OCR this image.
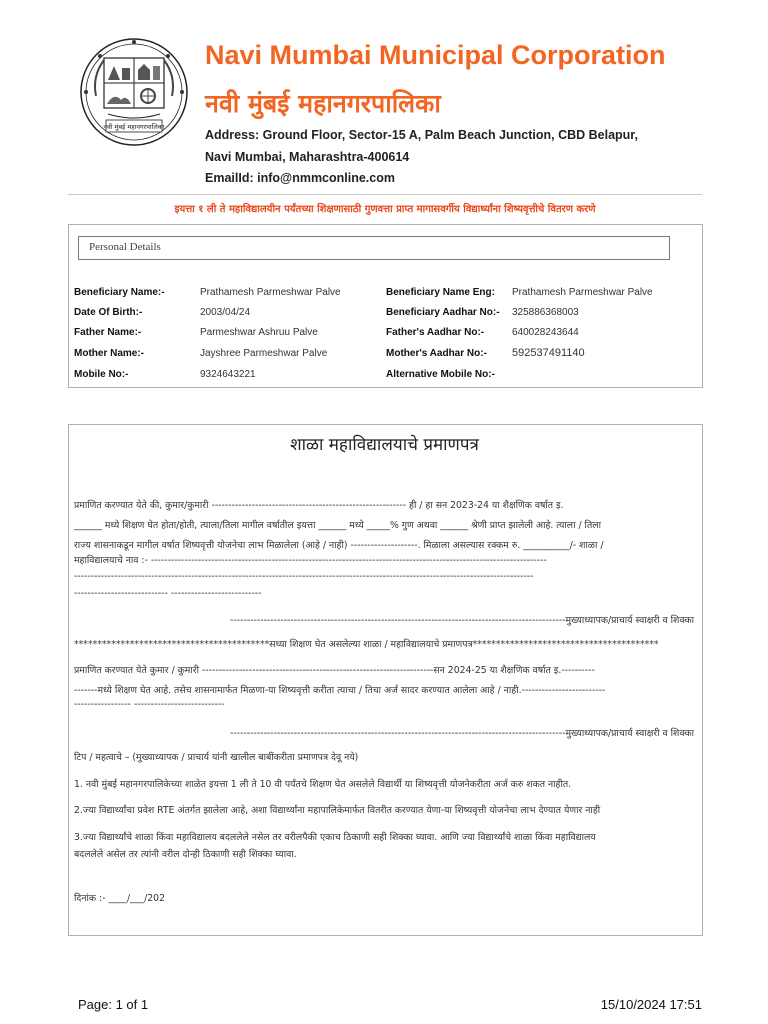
नवी मुंबई महानगरपालिका
Navi Mumbai Municipal Corporation
नवी मुंबई महानगरपालिका
Address: Ground Floor, Sector-15 A, Palm Beach Junction, CBD Belapur,
Navi Mumbai, Maharashtra-400614
EmailId: info@nmmconline.com
इयत्ता १ ली ते महाविद्यालयीन पर्यंतच्या शिक्षणासाठी गुणवत्ता प्राप्त मागासवर्गीय विद्यार्थ्यांना शिष्यवृत्तीचे वितरण करणे
Personal Details
Beneficiary Name:-	Prathamesh Parmeshwar Palve	Beneficiary Name Eng: Prathamesh Parmeshwar Palve
Date Of Birth:-	2003/04/24	Beneficiary Aadhar No:- 325886368003
Father Name:-	Parmeshwar Ashruu Palve	Father's Aadhar No:-	640028243644
Mother Name:-	Jayshree Parmeshwar Palve	Mother's Aadhar No:- 592537491140
Mobile No:-	9324643221	Alternative Mobile No:-
शाळा महाविद्यालयाचे प्रमाणपत्र
प्रमाणित करण्यात येते की, कुमार/कुमारी ---------------------------------------------------------- ही / हा सन 2023-24 या शैक्षणिक वर्षात इ.
______ मध्ये शिक्षण घेत होता/होती, त्याला/तिला मागील वर्षातील इयत्ता ______ मध्ये _____% गुण अथवा ______ श्रेणी प्राप्त झालेली आहे. त्याला / तिला
राज्य शासनाकडून मागील वर्षात शिष्यवृत्ती योजनेचा लाभ मिळालेला (आहे / नाही) --------------------. मिळाला असल्यास रक्कम रु. __________/- शाळा /
महाविद्यालयाचे नाव :- ----------------------------------------------------------------------------------------------------------------------
-----------------------------------------------------------------------------------------------------------------------------------------
---------------------------- ---------------------------
----------------------------------------------------------------------------------------------------मुख्याध्यापक/प्राचार्य स्वाक्षरी व शिक्का
******************************************सध्या शिक्षण घेत असलेल्या शाळा / महाविद्यालयाचे प्रमाणपत्र****************************************
प्रमाणित करण्यात येते कुमार / कुमारी ---------------------------------------------------------------------सन 2024-25 या शैक्षणिक वर्षात इ.----------
-------मध्ये शिक्षण घेत आहे. तसेच शासनामार्फत मिळणा-या शिष्यवृत्ती करीता त्याचा / तिचा अर्ज सादर करण्यात आलेला आहे / नाही.-------------------------
----------------- ---------------------------
----------------------------------------------------------------------------------------------------मुख्याध्यापक/प्राचार्य स्वाक्षरी व शिक्का
टिप / महत्वाचे – (मुख्याध्यापक / प्राचार्य यांनी खालील बाबींकरीता प्रमाणपत्र देवू नये)
1. नवी मुंबई महानगरपालिकेच्या शाळेत इयत्ता 1 ली ते 10 वी पर्यंतचे शिक्षण घेत असलेले विद्यार्थी या शिष्यवृत्ती योजनेकरीता अर्ज करु शकत नाहीत.
2.ज्या विद्यार्थ्यांचा प्रवेश RTE अंतर्गत झालेला आहे, अशा विद्यार्थ्यांना महापालिकेमार्फत वितरीत करण्यात येणा-या शिष्यवृत्ती योजनेचा लाभ देण्यात येणार नाही
3.ज्या विद्यार्थ्यांचे शाळा किंवा महाविद्यालय बदललेले नसेल तर वरीलपैकी एकाच ठिकाणी सही शिक्का घ्यावा. आणि ज्या विद्यार्थ्यांचे शाळा किंवा महाविद्यालय
बदललेले असेल तर त्यांनी वरील दोन्ही ठिकाणी सही शिक्का घ्यावा.
दिनांक :- ____/___/202
Page: 1 of 1	15/10/2024 17:51
